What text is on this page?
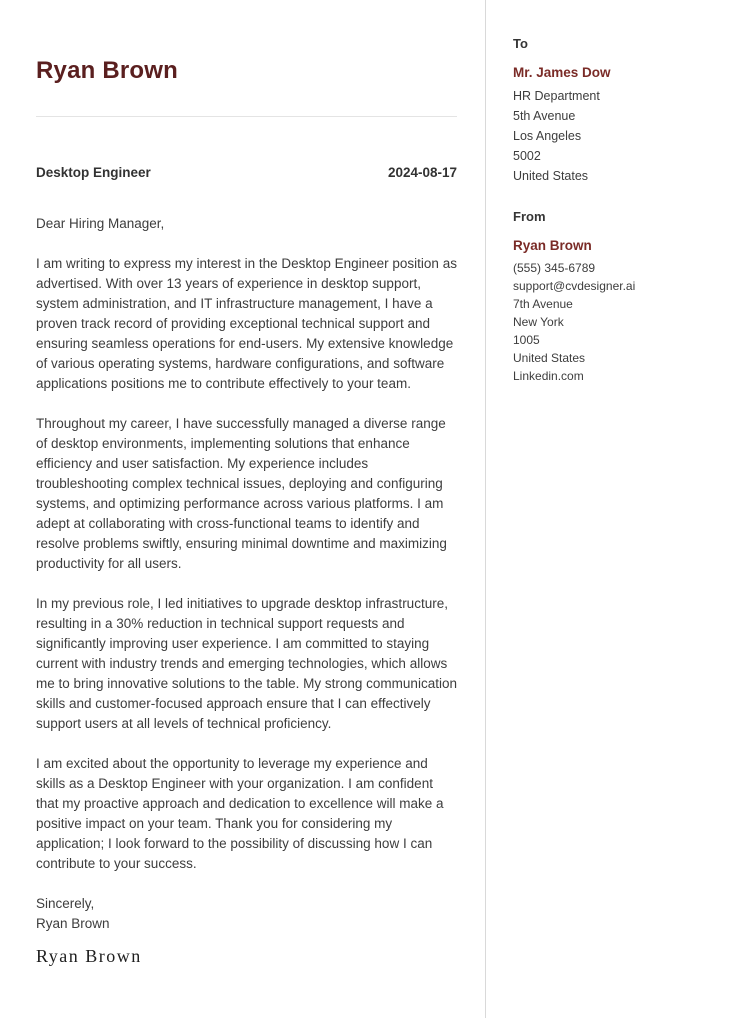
Ryan Brown
Desktop Engineer	2024-08-17
Dear Hiring Manager,

I am writing to express my interest in the Desktop Engineer position as advertised. With over 13 years of experience in desktop support, system administration, and IT infrastructure management, I have a proven track record of providing exceptional technical support and ensuring seamless operations for end-users. My extensive knowledge of various operating systems, hardware configurations, and software applications positions me to contribute effectively to your team.

Throughout my career, I have successfully managed a diverse range of desktop environments, implementing solutions that enhance efficiency and user satisfaction. My experience includes troubleshooting complex technical issues, deploying and configuring systems, and optimizing performance across various platforms. I am adept at collaborating with cross-functional teams to identify and resolve problems swiftly, ensuring minimal downtime and maximizing productivity for all users.

In my previous role, I led initiatives to upgrade desktop infrastructure, resulting in a 30% reduction in technical support requests and significantly improving user experience. I am committed to staying current with industry trends and emerging technologies, which allows me to bring innovative solutions to the table. My strong communication skills and customer-focused approach ensure that I can effectively support users at all levels of technical proficiency.

I am excited about the opportunity to leverage my experience and skills as a Desktop Engineer with your organization. I am confident that my proactive approach and dedication to excellence will make a positive impact on your team. Thank you for considering my application; I look forward to the possibility of discussing how I can contribute to your success.

Sincerely,
Ryan Brown
Ryan Brown
To
Mr. James Dow
HR Department
5th Avenue
Los Angeles
5002
United States
From
Ryan Brown
(555) 345-6789
support@cvdesigner.ai
7th Avenue
New York
1005
United States
Linkedin.com
